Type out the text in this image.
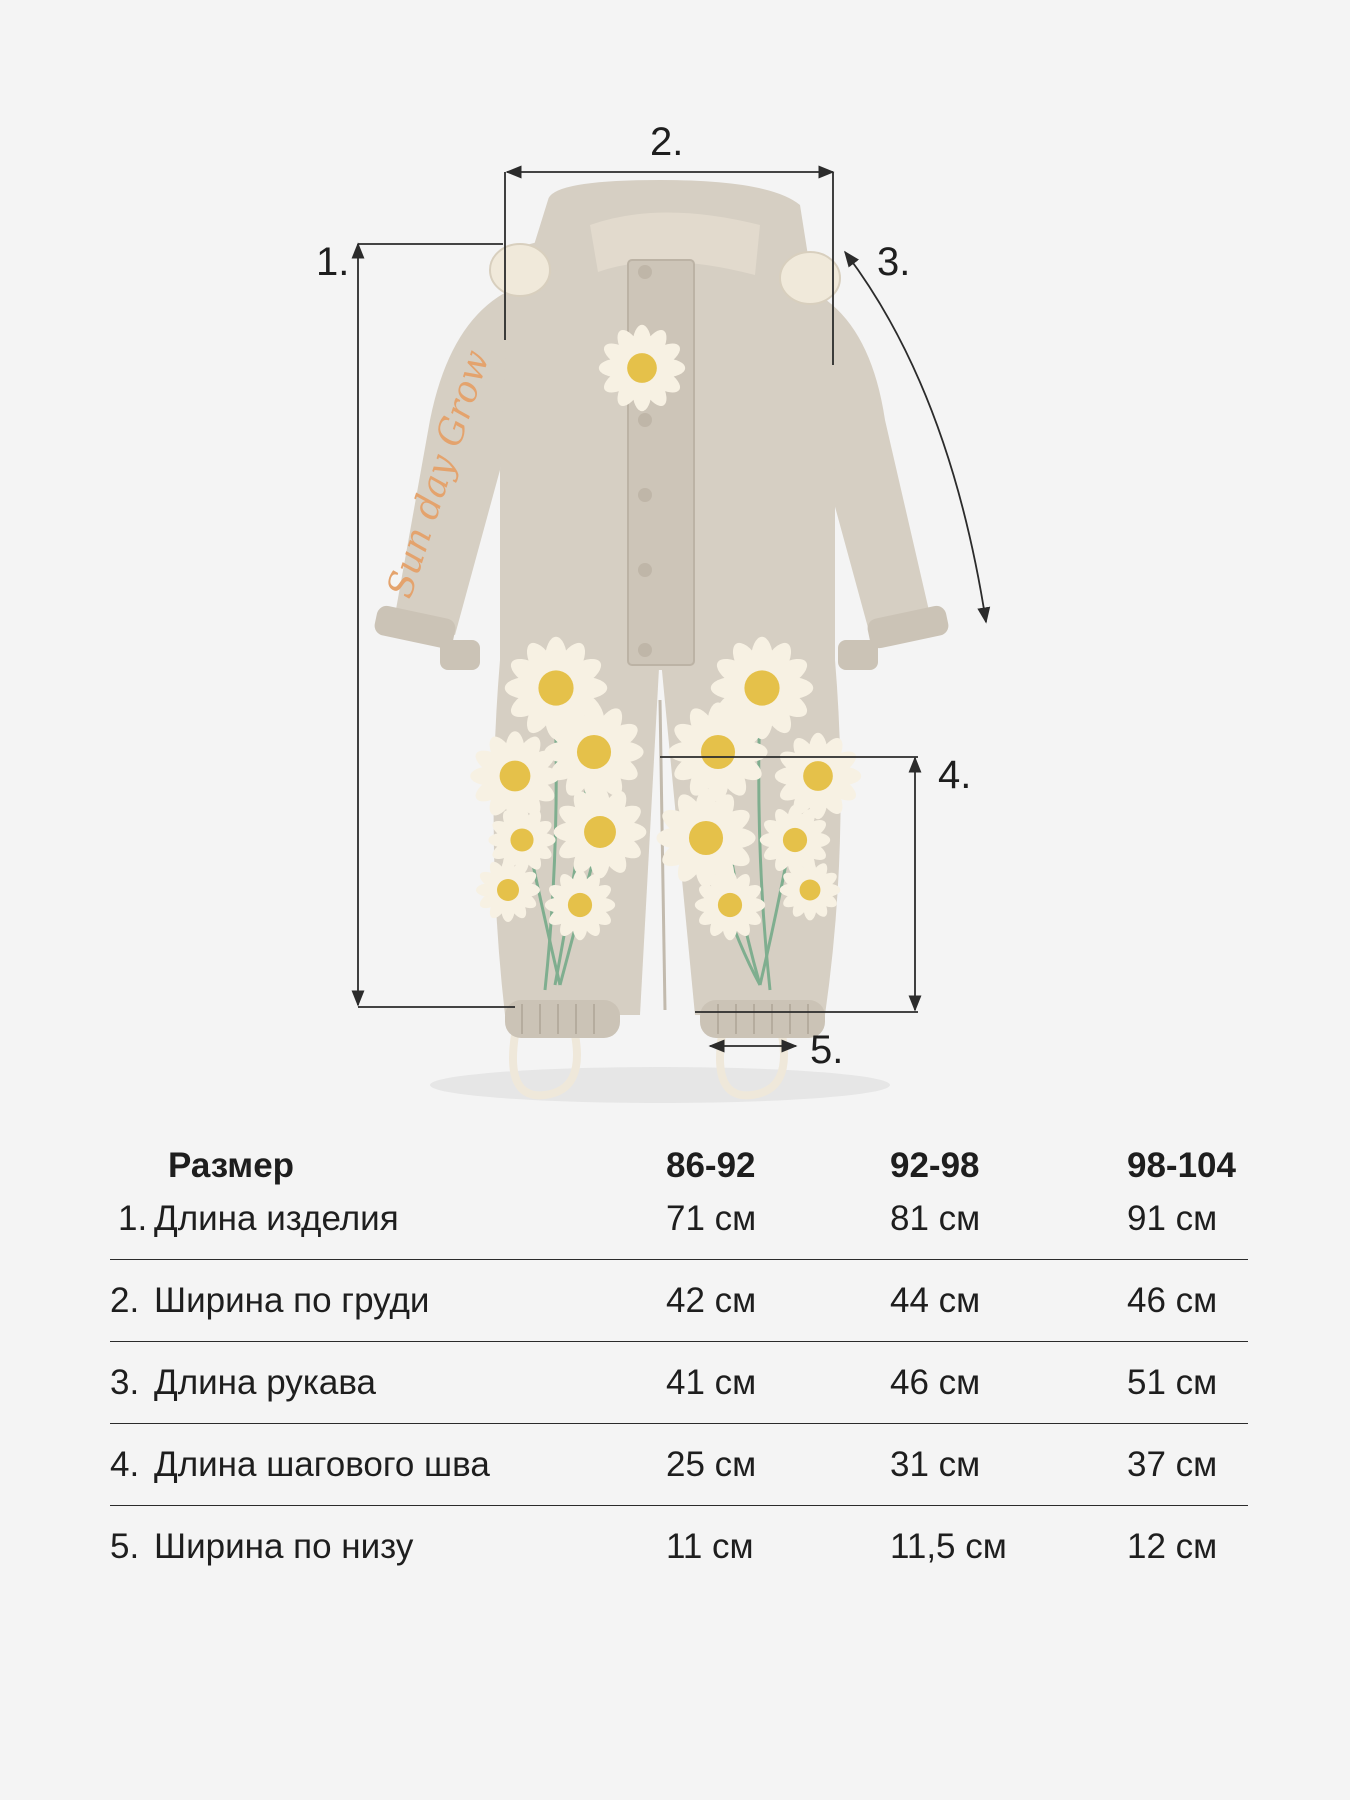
Sun day Grow
1.
2.
3.
4.
5.
Размер	86-92	92-98	98-104
1. Длина изделия	71 см	81 см	91 см
2. Ширина по груди	42 см	44 см	46 см
3. Длина рукава	41 см	46 см	51 см
4. Длина шагового шва	25 см	31 см	37 см
5. Ширина по низу	11 см	11,5 см	12 см
